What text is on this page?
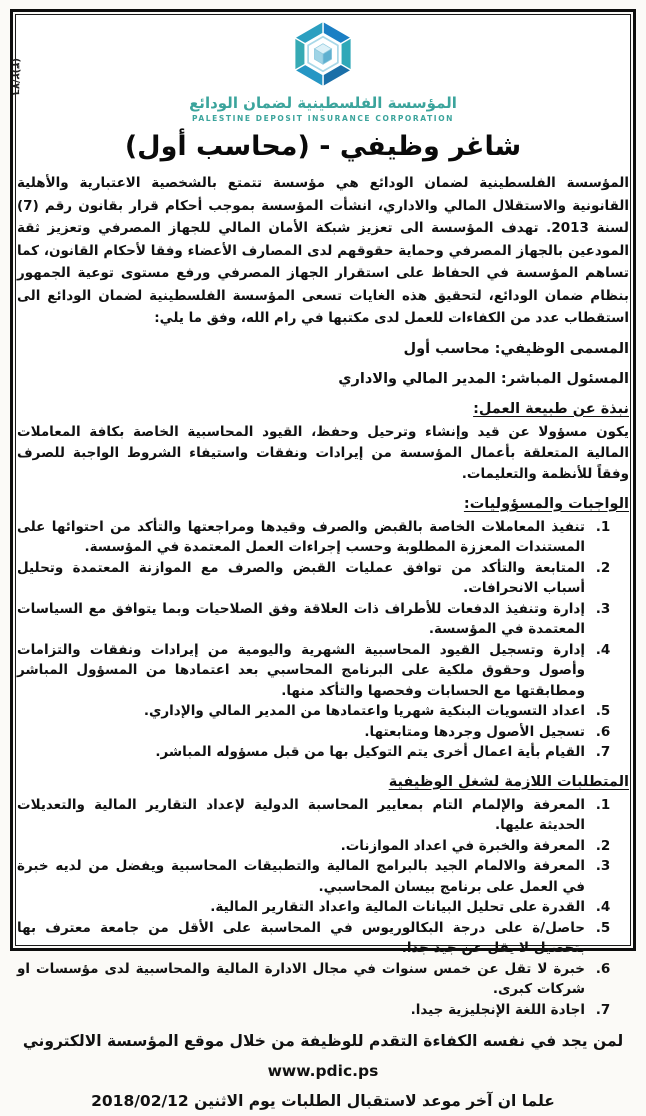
(٣)٢/٧٦
المؤسسة الفلسطينية لضمان الودائع
PALESTINE DEPOSIT INSURANCE CORPORATION
شاغر وظيفي - (محاسب أول)
المؤسسة الفلسطينية لضمان الودائع هي مؤسسة تتمتع بالشخصية الاعتبارية والأهلية القانونية والاستقلال المالي والاداري، انشأت المؤسسة بموجب أحكام قرار بقانون رقم (7) لسنة 2013. تهدف المؤسسة الى تعزيز شبكة الأمان المالي للجهاز المصرفي وتعزيز ثقة المودعين بالجهاز المصرفي وحماية حقوقهم لدى المصارف الأعضاء وفقا لأحكام القانون، كما تساهم المؤسسة في الحفاظ على استقرار الجهاز المصرفي ورفع مستوى توعية الجمهور بنظام ضمان الودائع، لتحقيق هذه الغايات تسعى المؤسسة الفلسطينية لضمان الودائع الى استقطاب عدد من الكفاءات للعمل لدى مكتبها في رام الله، وفق ما يلي:
المسمى الوظيفي: محاسب أول
المسئول المباشر: المدير المالي والاداري
نبذة عن طبيعة العمل:
يكون مسؤولا عن قيد وإنشاء وترحيل وحفظ، القيود المحاسبية الخاصة بكافة المعاملات المالية المتعلقة بأعمال المؤسسة من إيرادات ونفقات واستيفاء الشروط الواجبة للصرف وفقاً للأنظمة والتعليمات.
الواجبات والمسؤوليات:
1.
تنفيذ المعاملات الخاصة بالقبض والصرف وقيدها ومراجعتها والتأكد من احتوائها على المستندات المعززة المطلوبة وحسب إجراءات العمل المعتمدة في المؤسسة.
2.
المتابعة والتأكد من توافق عمليات القبض والصرف مع الموازنة المعتمدة وتحليل أسباب الانحرافات.
3.
إدارة وتنفيذ الدفعات للأطراف ذات العلاقة وفق الصلاحيات وبما يتوافق مع السياسات المعتمدة في المؤسسة.
4.
إدارة وتسجيل القيود المحاسبية الشهرية واليومية من إيرادات ونفقات والتزامات وأصول وحقوق ملكية على البرنامج المحاسبي بعد اعتمادها من المسؤول المباشر ومطابقتها مع الحسابات وفحصها والتأكد منها.
5.
اعداد التسويات البنكية شهريا واعتمادها من المدير المالي والإداري.
6.
تسجيل الأصول وجردها ومتابعتها.
7.
القيام بأية اعمال أخرى يتم التوكيل بها من قبل مسؤوله المباشر.
المتطلبات اللازمة لشغل الوظيفية
1.
المعرفة والإلمام التام بمعايير المحاسبة الدولية لإعداد التقارير المالية والتعديلات الحديثة عليها.
2.
المعرفة والخبرة في اعداد الموازنات.
3.
المعرفة والالمام الجيد بالبرامج المالية والتطبيقات المحاسبية ويفضل من لديه خبرة في العمل على برنامج بيسان المحاسبي.
4.
القدرة على تحليل البيانات المالية واعداد التقارير المالية.
5.
حاصل/ة على درجة البكالوريوس في المحاسبة على الأقل من جامعة معترف بها بتحصيل لا يقل عن جيد جدا.
6.
خبرة لا تقل عن خمس سنوات في مجال الادارة المالية والمحاسبية لدى مؤسسات او شركات كبرى.
7.
اجادة اللغة الإنجليزية جيدا.
لمن يجد في نفسه الكفاءة التقدم للوظيفة من خلال موقع المؤسسة الالكتروني www.pdic.ps
علما ان آخر موعد لاستقبال الطلبات يوم الاثنين 2018/02/12
